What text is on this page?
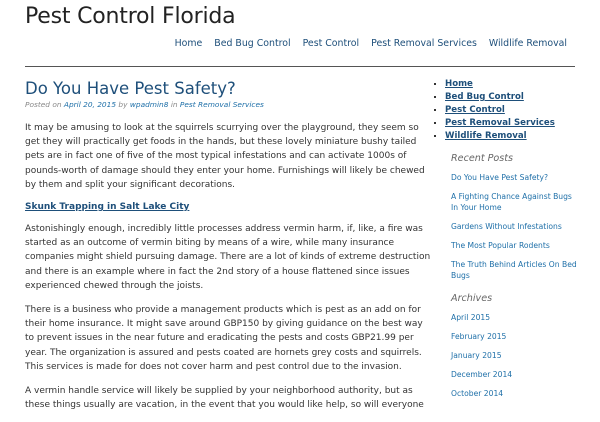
Pest Control Florida
Home Bed Bug Control Pest Control Pest Removal Services Wildlife Removal
Do You Have Pest Safety?
Posted on April 20, 2015 by wpadmin8 in Pest Removal Services

It may be amusing to look at the squirrels scurrying over the playground, they seem so get they will practically get foods in the hands, but these lovely miniature bushy tailed pets are in fact one of five of the most typical infestations and can activate 1000s of pounds-worth of damage should they enter your home. Furnishings will likely be chewed by them and split your significant decorations.

Skunk Trapping in Salt Lake City

Astonishingly enough, incredibly little processes address vermin harm, if, like, a fire was started as an outcome of vermin biting by means of a wire, while many insurance companies might shield pursuing damage. There are a lot of kinds of extreme destruction and there is an example where in fact the 2nd story of a house flattened since issues experienced chewed through the joists.

There is a business who provide a management products which is pest as an add on for their home insurance. It might save around GBP150 by giving guidance on the best way to prevent issues in the near future and eradicating the pests and costs GBP21.99 per year. The organization is assured and pests coated are hornets grey costs and squirrels. This services is made for does not cover harm and pest control due to the invasion.

A vermin handle service will likely be supplied by your neighborhood authority, but as these things usually are vacation, in the event that you would like help, so will everyone

▪ Home
▪ Bed Bug Control
▪ Pest Control
▪ Pest Removal Services
▪ Wildlife Removal
Recent Posts
Do You Have Pest Safety?
A Fighting Chance Against Bugs In Your Home
Gardens Without Infestations
The Most Popular Rodents
The Truth Behind Articles On Bed Bugs
Archives
April 2015
February 2015
January 2015
December 2014
October 2014
